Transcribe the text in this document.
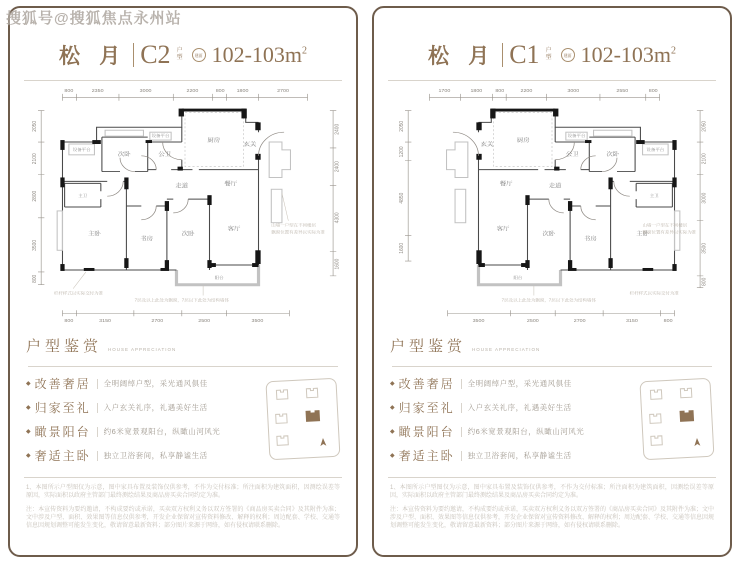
搜狐号@搜狐焦点永州站
松 月 C2 户型	建面 $102-103m^2$
800	2350	3000	2200	800 1800	2700
800	3150	2700	2500	3500
2050
2100
2800
3500
800
2400
2400
4300
1600
玄关
厨房
次卧	公卫
设备平台
设备平台
走道	餐厅
主卫
主卧
书房
次卧
客厅
阳台
山墙一户型在不同楼层
飘窗位置有差异以实际为准
7层及以上此处为飘窗，7层以下此处为结构墙体
栏杆样式以实际交付为准
户型鉴赏 HOUSE APPRECIATION
◆ 改善奢居 全明阔绰户型，采光通风俱佳
◆ 归家至礼 入户玄关礼序，礼遇美好生活
◆ 瞰景阳台 约6米宽景观阳台，纵瞰山河风光
◆ 奢适主卧 独立卫浴套间，私享静谧生活

1、本图所示户型图仅为示意，图中家具布置及装饰仅供参考，不作为交付标准；所注面积为建筑面积，因测绘误差等原因，实际面积以政府主管部门最终测绘结果及商品房买卖合同约定为准。

注：本宣传资料为要约邀请，不构成要约或承诺，买卖双方权利义务以双方签署的《商品房买卖合同》及其附件为准；文中涉及户型、面积、效果图等信息仅供参考，开发企业保留对宣传资料修改、解释的权利；周边配套、学校、交通等信息因规划调整可能发生变化，敬请留意最新资料；部分图片来源于网络，如有侵权请联系删除。

松 月 C1 户型	建面 $102-103m^2$
1700	1800	800	2200	3000	2550	800
3500	2500	2700	3150	800
2050
1200
4850
1600
2050
2100
3000
3500
800
玄关
厨房
次卧
公卫
设备平台
设备平台
走道
餐厅
主卫
主卧
书房
次卧
客厅
阳台
山墙一户型在不同楼层
飘窗位置有差异以实际为准
7层及以上此处为飘窗，7层以下此处为结构墙体
栏杆样式以实际交付为准
户型鉴赏 HOUSE APPRECIATION
◆ 改善奢居 全明阔绰户型，采光通风俱佳
◆ 归家至礼 入户玄关礼序，礼遇美好生活
◆ 瞰景阳台 约6米宽景观阳台，纵瞰山河风光
◆ 奢适主卧 独立卫浴套间，私享静谧生活

1、本图所示户型图仅为示意，图中家具布置及装饰仅供参考，不作为交付标准；所注面积为建筑面积，因测绘误差等原因，实际面积以政府主管部门最终测绘结果及商品房买卖合同约定为准。

注：本宣传资料为要约邀请，不构成要约或承诺，买卖双方权利义务以双方签署的《商品房买卖合同》及其附件为准；文中涉及户型、面积、效果图等信息仅供参考，开发企业保留对宣传资料修改、解释的权利；周边配套、学校、交通等信息因规划调整可能发生变化，敬请留意最新资料；部分图片来源于网络，如有侵权请联系删除。
